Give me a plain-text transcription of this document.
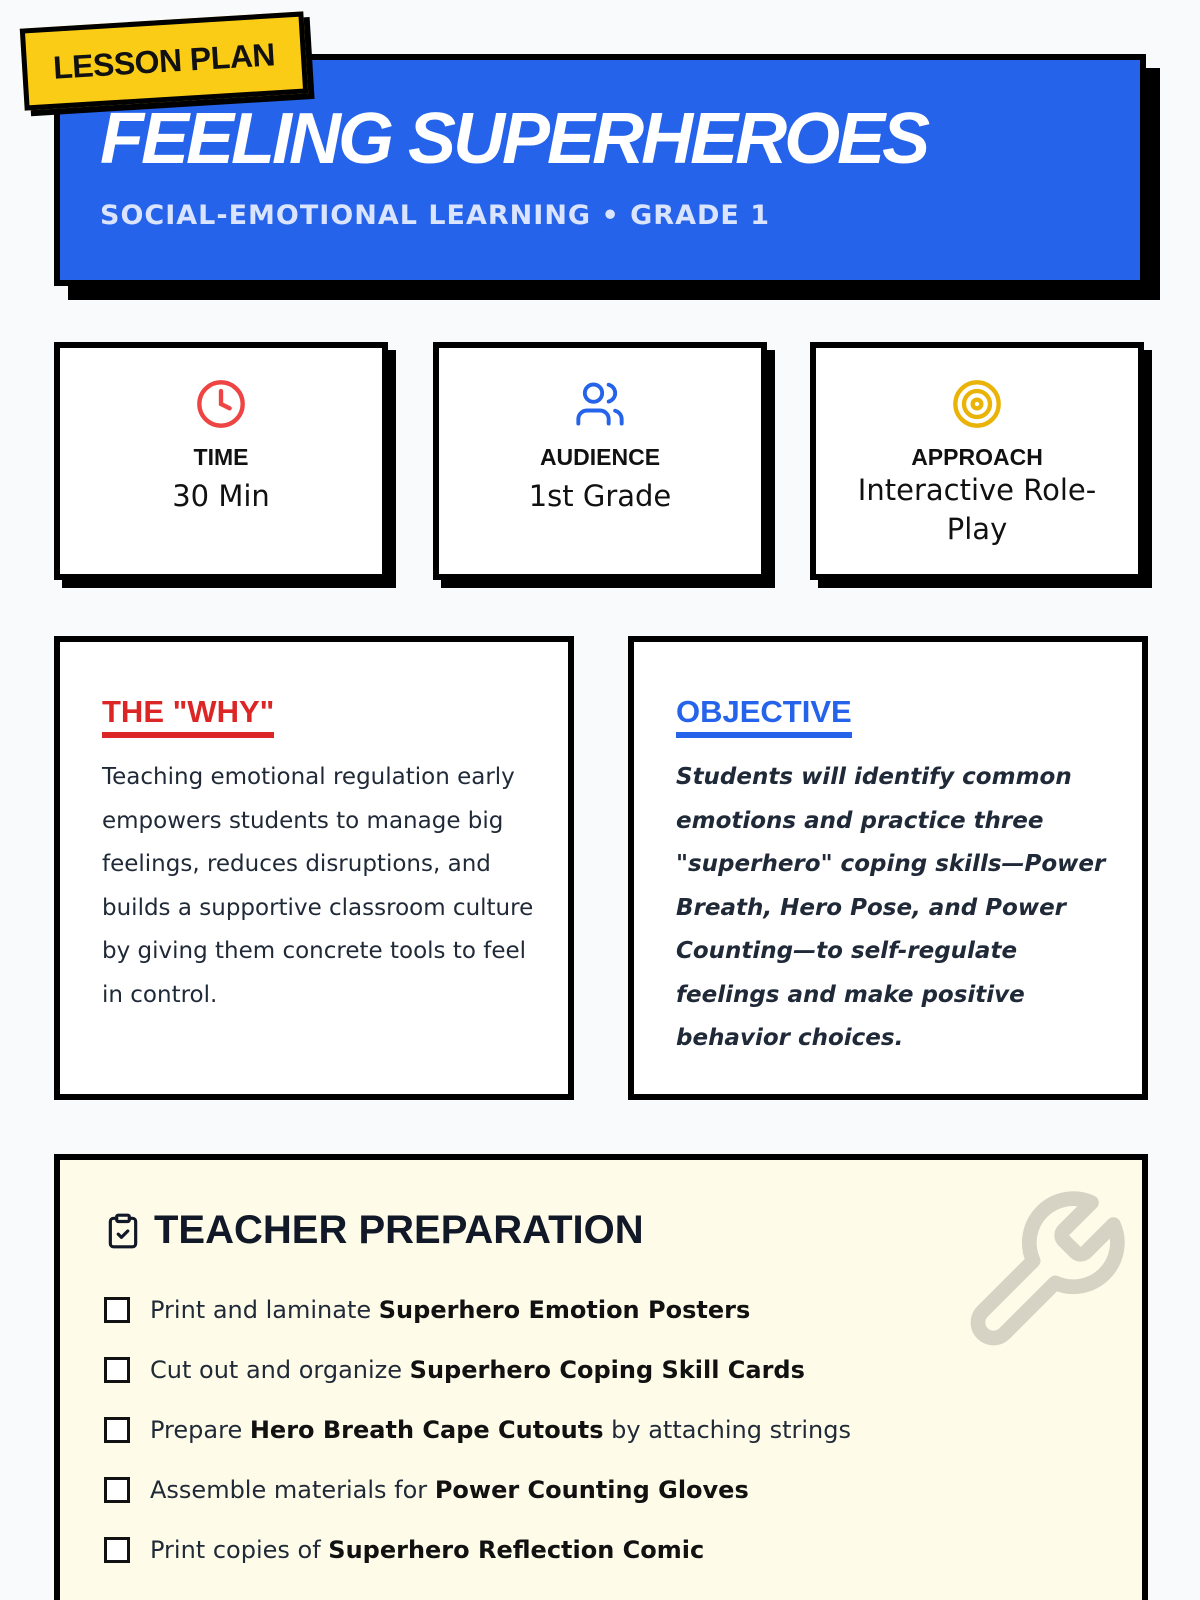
FEELING SUPERHEROES
SOCIAL-EMOTIONAL LEARNING • GRADE 1
LESSON PLAN
TIME
30 Min
AUDIENCE
1st Grade
APPROACH
Interactive Role-Play
THE "WHY"

Teaching emotional regulation early empowers students to manage big feelings, reduces disruptions, and builds a supportive classroom culture by giving them concrete tools to feel in control.

OBJECTIVE

Students will identify common emotions and practice three "superhero" coping skills—Power Breath, Hero Pose, and Power Counting—to self-regulate feelings and make positive behavior choices.

TEACHER PREPARATION
Print and laminate Superhero Emotion Posters
Cut out and organize Superhero Coping Skill Cards
Prepare Hero Breath Cape Cutouts by attaching strings
Assemble materials for Power Counting Gloves
Print copies of Superhero Reflection Comic
